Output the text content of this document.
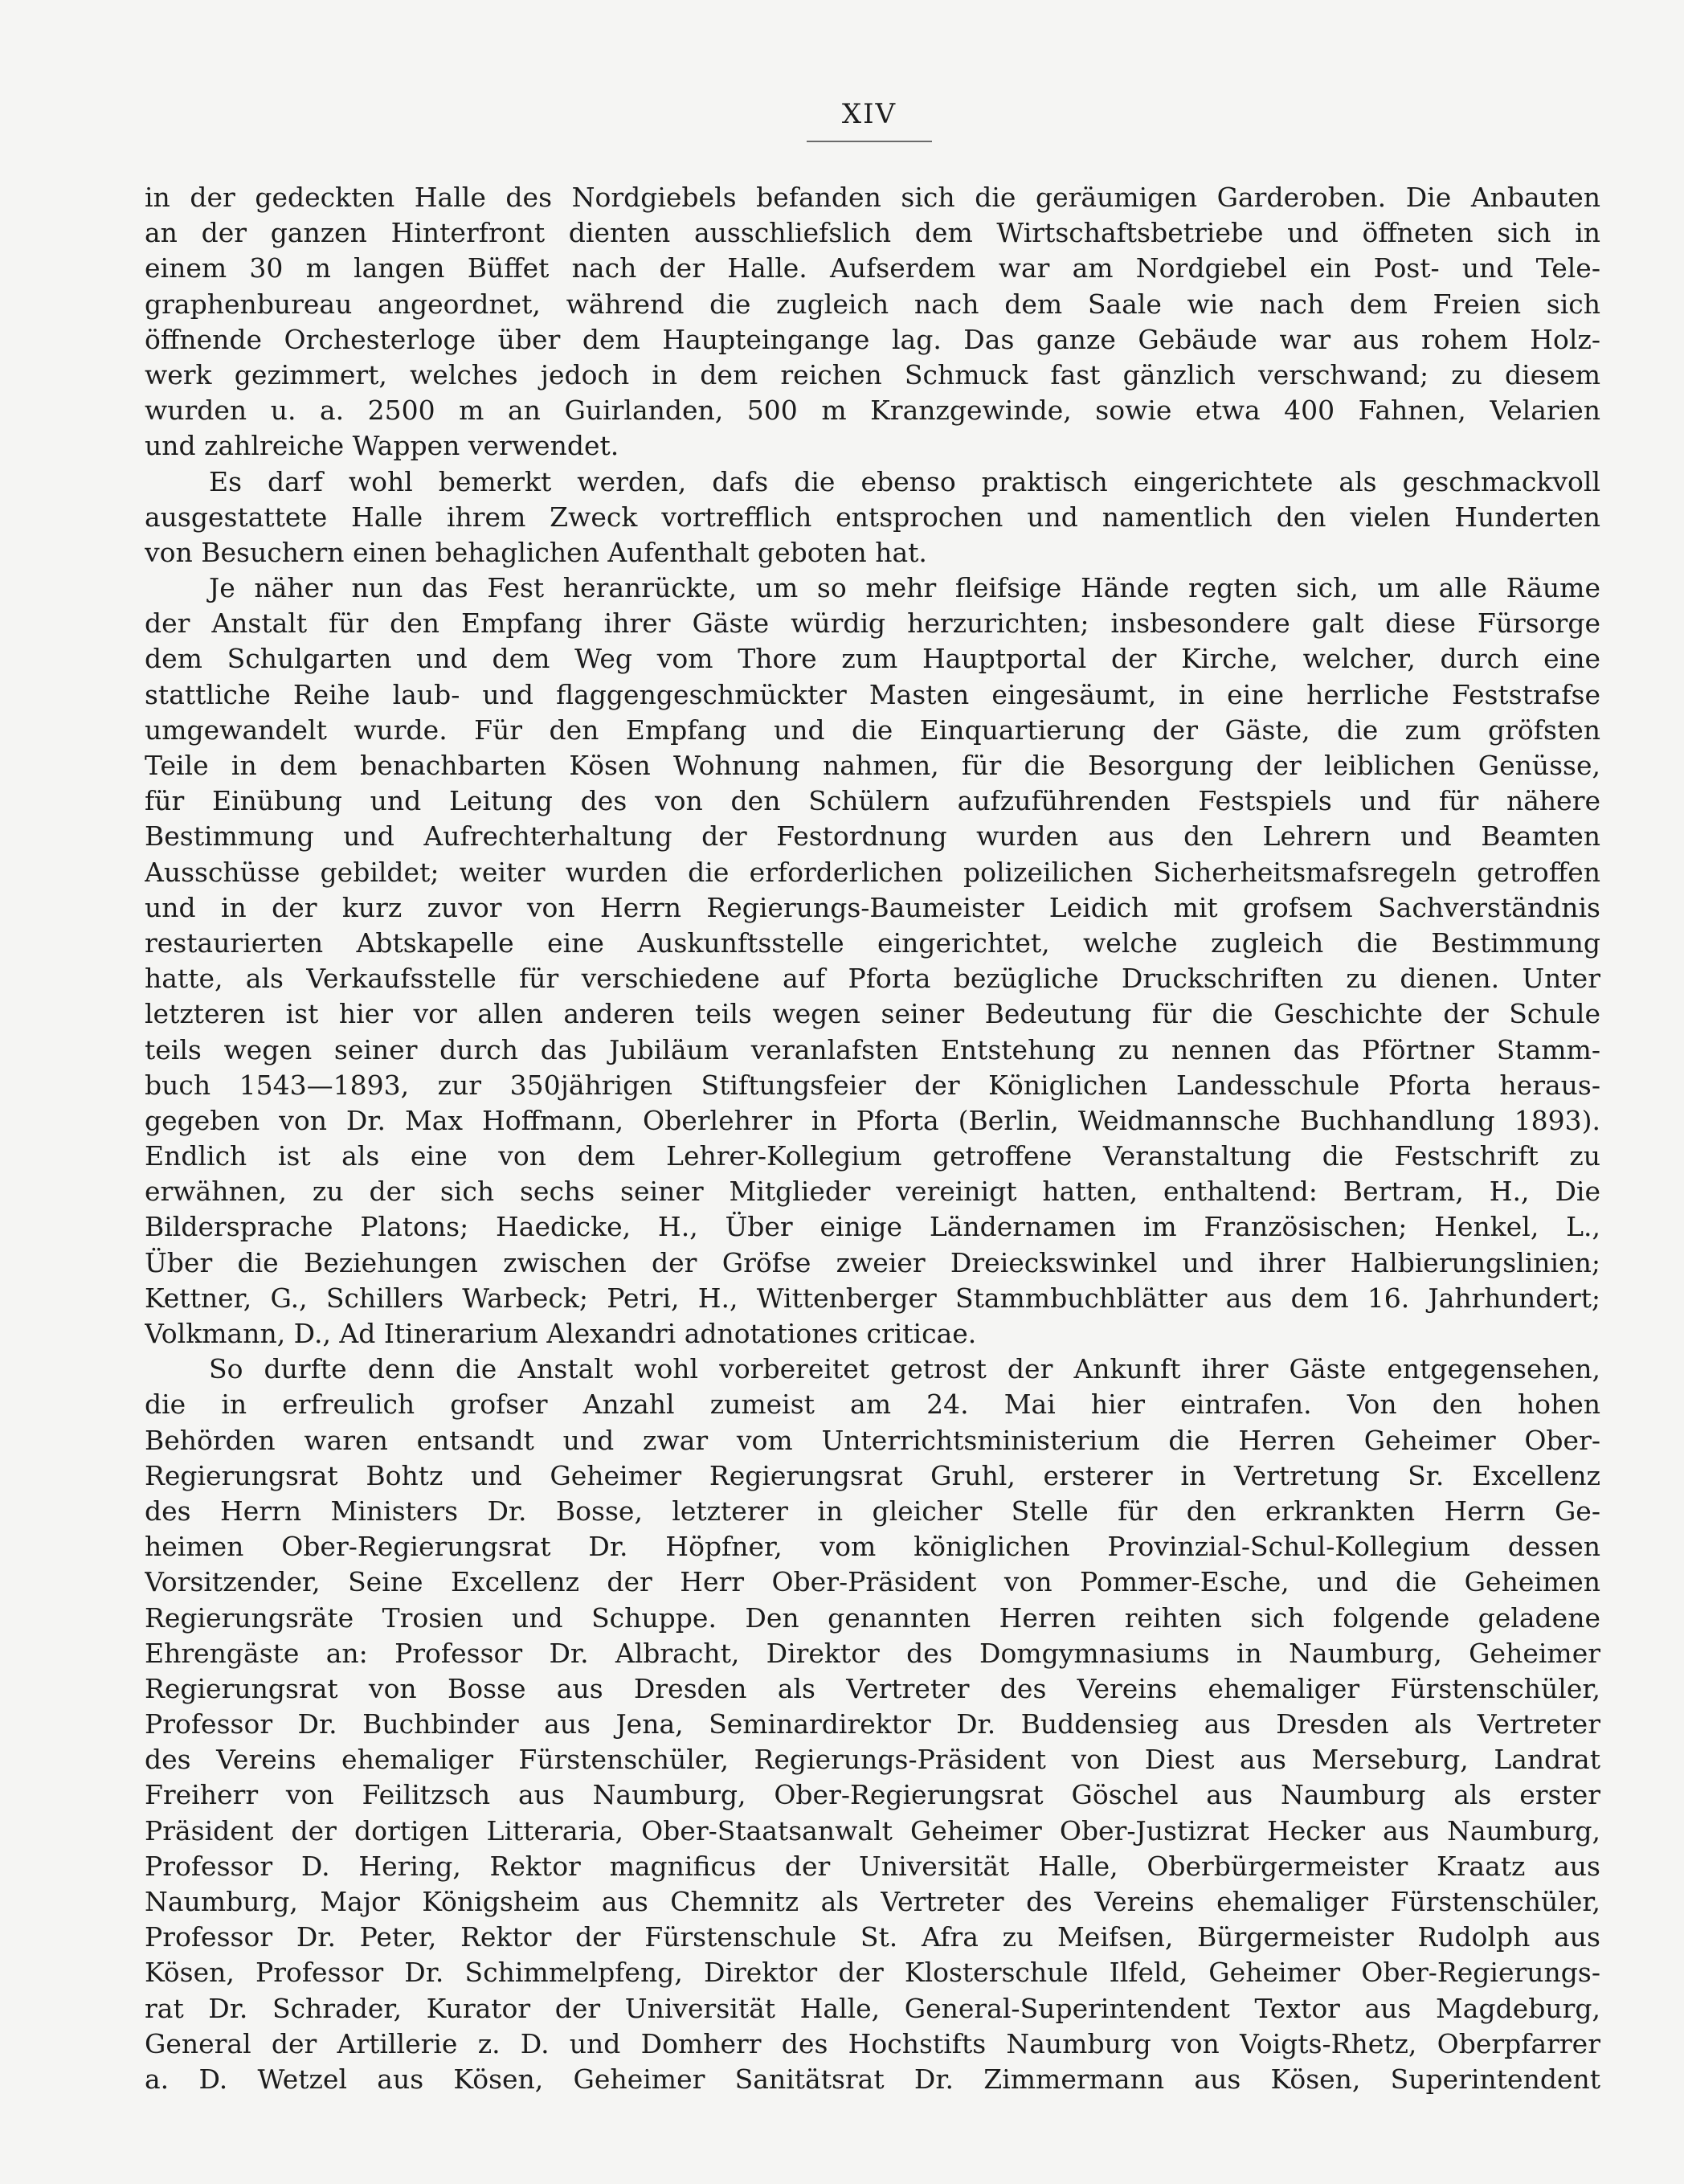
XIV
in der gedeckten Halle des Nordgiebels befanden sich die geräumigen Garderoben. Die Anbauten
an der ganzen Hinterfront dienten ausschliefslich dem Wirtschaftsbetriebe und öffneten sich in
einem 30 m langen Büffet nach der Halle. Aufserdem war am Nordgiebel ein Post- und Tele-
graphenbureau angeordnet, während die zugleich nach dem Saale wie nach dem Freien sich
öffnende Orchesterloge über dem Haupteingange lag. Das ganze Gebäude war aus rohem Holz-
werk gezimmert, welches jedoch in dem reichen Schmuck fast gänzlich verschwand; zu diesem
wurden u. a. 2500 m an Guirlanden, 500 m Kranzgewinde, sowie etwa 400 Fahnen, Velarien
und zahlreiche Wappen verwendet.
Es darf wohl bemerkt werden, dafs die ebenso praktisch eingerichtete als geschmackvoll
ausgestattete Halle ihrem Zweck vortrefflich entsprochen und namentlich den vielen Hunderten
von Besuchern einen behaglichen Aufenthalt geboten hat.
Je näher nun das Fest heranrückte, um so mehr fleifsige Hände regten sich, um alle Räume
der Anstalt für den Empfang ihrer Gäste würdig herzurichten; insbesondere galt diese Fürsorge
dem Schulgarten und dem Weg vom Thore zum Hauptportal der Kirche, welcher, durch eine
stattliche Reihe laub- und flaggengeschmückter Masten eingesäumt, in eine herrliche Feststrafse
umgewandelt wurde. Für den Empfang und die Einquartierung der Gäste, die zum gröfsten
Teile in dem benachbarten Kösen Wohnung nahmen, für die Besorgung der leiblichen Genüsse,
für Einübung und Leitung des von den Schülern aufzuführenden Festspiels und für nähere
Bestimmung und Aufrechterhaltung der Festordnung wurden aus den Lehrern und Beamten
Ausschüsse gebildet; weiter wurden die erforderlichen polizeilichen Sicherheitsmafsregeln getroffen
und in der kurz zuvor von Herrn Regierungs-Baumeister Leidich mit grofsem Sachverständnis
restaurierten Abtskapelle eine Auskunftsstelle eingerichtet, welche zugleich die Bestimmung
hatte, als Verkaufsstelle für verschiedene auf Pforta bezügliche Druckschriften zu dienen. Unter
letzteren ist hier vor allen anderen teils wegen seiner Bedeutung für die Geschichte der Schule
teils wegen seiner durch das Jubiläum veranlafsten Entstehung zu nennen das Pförtner Stamm-
buch 1543—1893, zur 350jährigen Stiftungsfeier der Königlichen Landesschule Pforta heraus-
gegeben von Dr. Max Hoffmann, Oberlehrer in Pforta (Berlin, Weidmannsche Buchhandlung 1893).
Endlich ist als eine von dem Lehrer-Kollegium getroffene Veranstaltung die Festschrift zu
erwähnen, zu der sich sechs seiner Mitglieder vereinigt hatten, enthaltend: Bertram, H., Die
Bildersprache Platons; Haedicke, H., Über einige Ländernamen im Französischen; Henkel, L.,
Über die Beziehungen zwischen der Gröfse zweier Dreieckswinkel und ihrer Halbierungslinien;
Kettner, G., Schillers Warbeck; Petri, H., Wittenberger Stammbuchblätter aus dem 16. Jahrhundert;
Volkmann, D., Ad Itinerarium Alexandri adnotationes criticae.
So durfte denn die Anstalt wohl vorbereitet getrost der Ankunft ihrer Gäste entgegensehen,
die in erfreulich grofser Anzahl zumeist am 24. Mai hier eintrafen. Von den hohen
Behörden waren entsandt und zwar vom Unterrichtsministerium die Herren Geheimer Ober-
Regierungsrat Bohtz und Geheimer Regierungsrat Gruhl, ersterer in Vertretung Sr. Excellenz
des Herrn Ministers Dr. Bosse, letzterer in gleicher Stelle für den erkrankten Herrn Ge-
heimen Ober-Regierungsrat Dr. Höpfner, vom königlichen Provinzial-Schul-Kollegium dessen
Vorsitzender, Seine Excellenz der Herr Ober-Präsident von Pommer-Esche, und die Geheimen
Regierungsräte Trosien und Schuppe. Den genannten Herren reihten sich folgende geladene
Ehrengäste an: Professor Dr. Albracht, Direktor des Domgymnasiums in Naumburg, Geheimer
Regierungsrat von Bosse aus Dresden als Vertreter des Vereins ehemaliger Fürstenschüler,
Professor Dr. Buchbinder aus Jena, Seminardirektor Dr. Buddensieg aus Dresden als Vertreter
des Vereins ehemaliger Fürstenschüler, Regierungs-Präsident von Diest aus Merseburg, Landrat
Freiherr von Feilitzsch aus Naumburg, Ober-Regierungsrat Göschel aus Naumburg als erster
Präsident der dortigen Litteraria, Ober-Staatsanwalt Geheimer Ober-Justizrat Hecker aus Naumburg,
Professor D. Hering, Rektor magnificus der Universität Halle, Oberbürgermeister Kraatz aus
Naumburg, Major Königsheim aus Chemnitz als Vertreter des Vereins ehemaliger Fürstenschüler,
Professor Dr. Peter, Rektor der Fürstenschule St. Afra zu Meifsen, Bürgermeister Rudolph aus
Kösen, Professor Dr. Schimmelpfeng, Direktor der Klosterschule Ilfeld, Geheimer Ober-Regierungs-
rat Dr. Schrader, Kurator der Universität Halle, General-Superintendent Textor aus Magdeburg,
General der Artillerie z. D. und Domherr des Hochstifts Naumburg von Voigts-Rhetz, Oberpfarrer
a. D. Wetzel aus Kösen, Geheimer Sanitätsrat Dr. Zimmermann aus Kösen, Superintendent
